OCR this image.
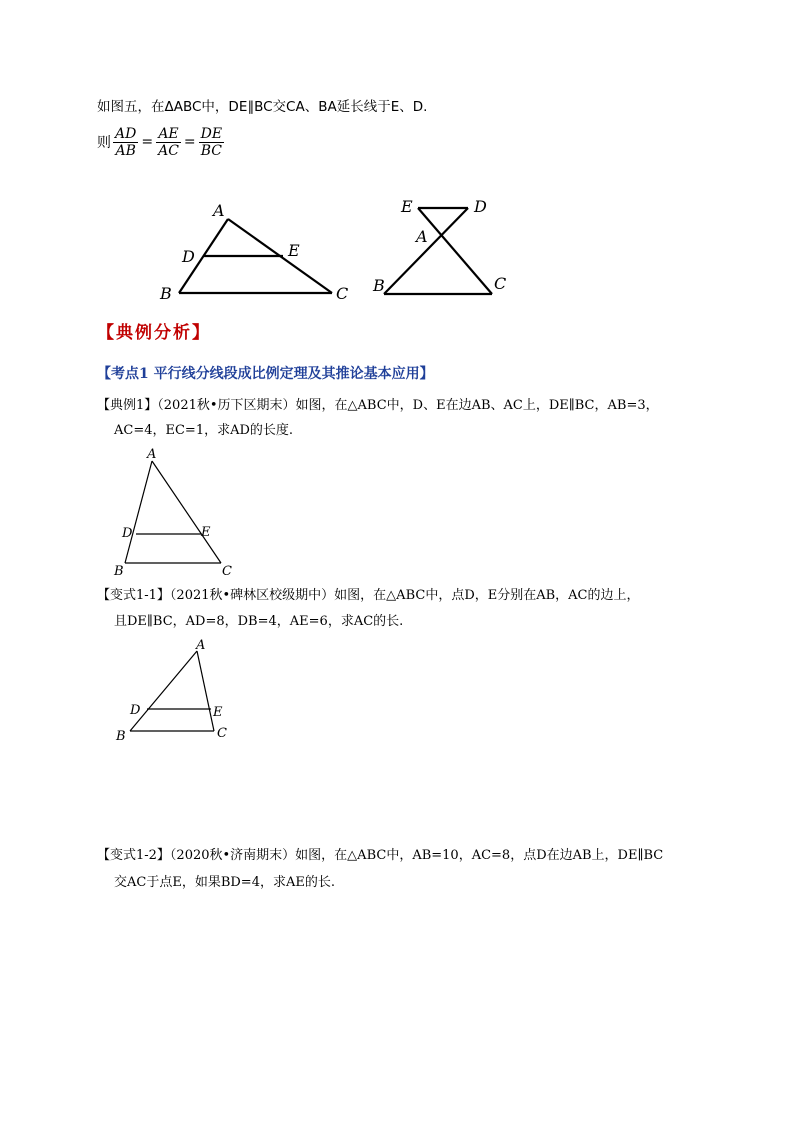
如图五，在ΔABC中，DE∥BC交CA、BA延长线于E、D.
则 $\frac{AD}{AB} = \frac{AE}{AC} = \frac{DE}{BC}$
A
D	E
B	C
E	D
A
B	C
【典例分析】
【考点1 平行线分线段成比例定理及其推论基本应用】
【典例1】（2021秋•历下区期末）如图，在△ABC中，D、E在边AB、AC上，DE∥BC，AB=3，
AC=4，EC=1，求AD的长度.
A
D	E
B	C
【变式1-1】（2021秋•碑林区校级期中）如图，在△ABC中，点D，E分别在AB，AC的边上，
且DE∥BC，AD=8，DB=4，AE=6，求AC的长.
A
D	E
B	C
【变式1-2】（2020秋•济南期末）如图，在△ABC中，AB=10，AC=8，点D在边AB上，DE∥BC
交AC于点E，如果BD=4，求AE的长.
